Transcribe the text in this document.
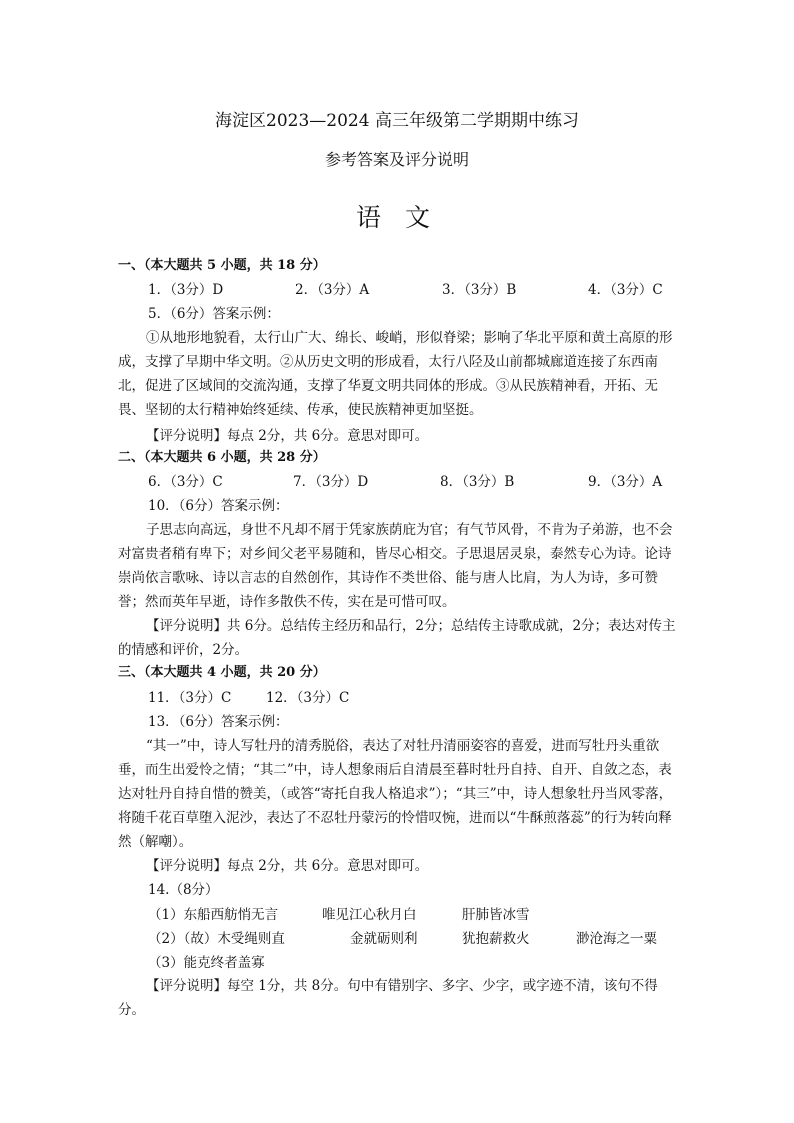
海淀区2023—2024 高三年级第二学期期中练习
参考答案及评分说明
语 文
一、（本大题共 5 小题，共 18 分）
1．（3分）D	2．（3分）A	3．（3分）B	4．（3分）C
5．（6分）答案示例：
①从地形地貌看，太行山广大、绵长、峻峭，形似脊梁；影响了华北平原和黄土高原的形成，支撑了早期中华文明。②从历史文明的形成看，太行八陉及山前都城廊道连接了东西南北，促进了区域间的交流沟通，支撑了华夏文明共同体的形成。③从民族精神看，开拓、无畏、坚韧的太行精神始终延续、传承，使民族精神更加坚挺。
【评分说明】每点 2分，共 6分。意思对即可。
二、（本大题共 6 小题，共 28 分）
6．（3分）C	7．（3分）D	8．（3分）B	9．（3分）A
10．（6分）答案示例：
子思志向高远，身世不凡却不屑于凭家族荫庇为官；有气节风骨，不肯为子弟游，也不会对富贵者稍有卑下；对乡间父老平易随和，皆尽心相交。子思退居灵泉，泰然专心为诗。论诗崇尚依言歌咏、诗以言志的自然创作，其诗作不类世俗、能与唐人比肩，为人为诗，多可赞誉；然而英年早逝，诗作多散佚不传，实在是可惜可叹。
【评分说明】共 6分。总结传主经历和品行，2分；总结传主诗歌成就，2分；表达对传主的情感和评价，2分。
三、（本大题共 4 小题，共 20 分）
11．（3分）C	12．（3分）C
13．（6分）答案示例：
“其一”中，诗人写牡丹的清秀脱俗，表达了对牡丹清丽姿容的喜爱，进而写牡丹头重欲垂，而生出爱怜之情；“其二”中，诗人想象雨后自清晨至暮时牡丹自持、自开、自敛之态，表达对牡丹自持自惜的赞美，（或答“寄托自我人格追求”）；“其三”中，诗人想象牡丹当风零落，将随千花百草堕入泥沙，表达了不忍牡丹蒙污的怜惜叹惋，进而以“牛酥煎落蕊”的行为转向释然（解嘲）。
【评分说明】每点 2分，共 6分。意思对即可。
14.（8分）
（1）东船西舫悄无言	唯见江心秋月白	肝肺皆冰雪
（2）（故）木受绳则直	金就砺则利	犹抱薪救火	渺沧海之一粟
（3）能克终者盖寡
【评分说明】每空 1分，共 8分。句中有错别字、多字、少字，或字迹不清，该句不得分。
